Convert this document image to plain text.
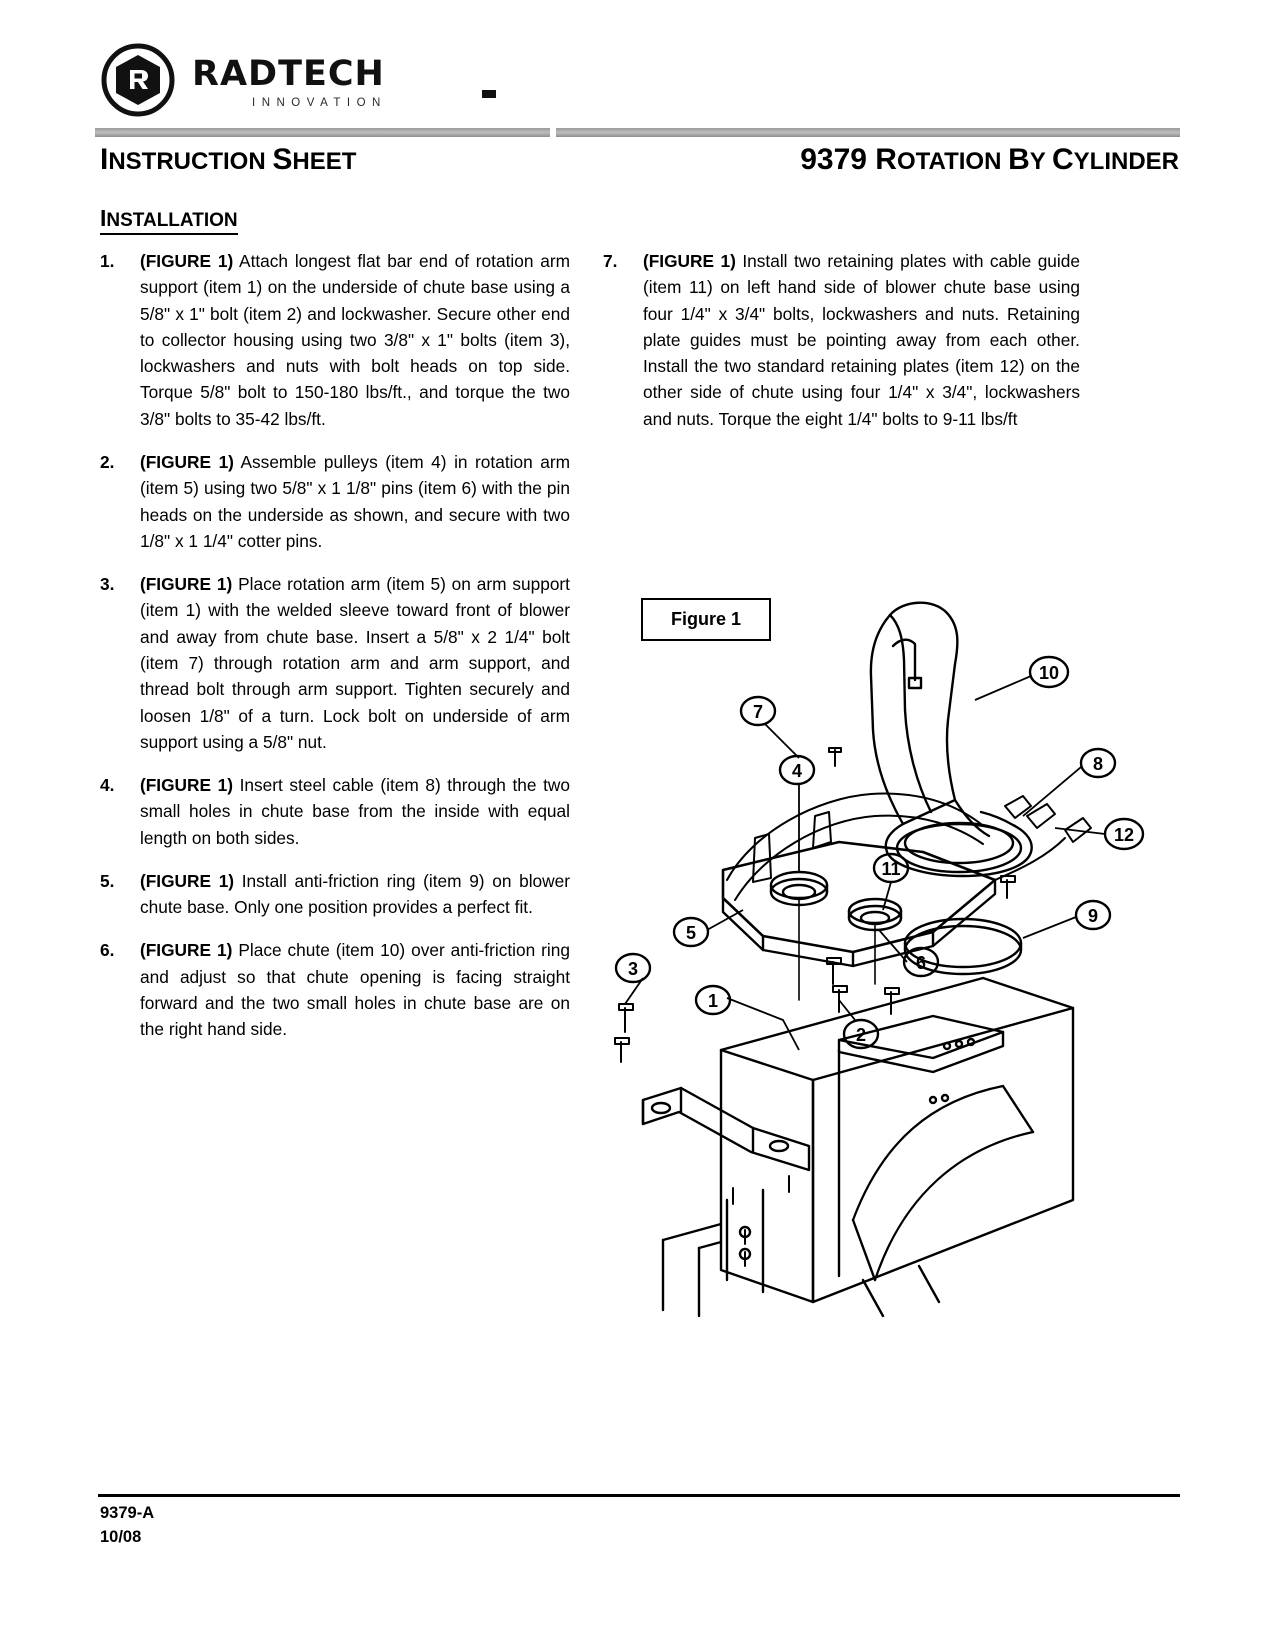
RADTECH
INNOVATION
INSTRUCTION SHEET	9379 ROTATION BY CYLINDER
INSTALLATION
1. (FIGURE 1) Attach longest flat bar end of rotation arm support (item 1) on the underside of chute base using a 5/8" x 1" bolt (item 2) and lockwasher. Secure other end to collector housing using two 3/8" x 1" bolts (item 3), lockwashers and nuts with bolt heads on top side. Torque 5/8" bolt to 150-180 lbs/ft., and torque the two 3/8" bolts to 35-42 lbs/ft.
2. (FIGURE 1) Assemble pulleys (item 4) in rotation arm (item 5) using two 5/8" x 1 1/8" pins (item 6) with the pin heads on the underside as shown, and secure with two 1/8" x 1 1/4" cotter pins.
3. (FIGURE 1) Place rotation arm (item 5) on arm support (item 1) with the welded sleeve toward front of blower and away from chute base. Insert a 5/8" x 2 1/4" bolt (item 7) through rotation arm and arm support, and thread bolt through arm support. Tighten securely and loosen 1/8" of a turn. Lock bolt on underside of arm support using a 5/8" nut.
4. (FIGURE 1) Insert steel cable (item 8) through the two small holes in chute base from the inside with equal length on both sides.
5. (FIGURE 1) Install anti-friction ring (item 9) on blower chute base. Only one position provides a perfect fit.
6. (FIGURE 1) Place chute (item 10) over anti-friction ring and adjust so that chute opening is facing straight forward and the two small holes in chute base are on the right hand side.
7. (FIGURE 1) Install two retaining plates with cable guide (item 11) on left hand side of blower chute base using four 1/4" x 3/4" bolts, lockwashers and nuts. Retaining plate guides must be pointing away from each other. Install the two standard retaining plates (item 12) on the other side of chute using four 1/4" x 3/4", lockwashers and nuts. Torque the eight 1/4" bolts to 9-11 lbs/ft
Figure 1
10
8
12
9
11
7
4
5
6
3
1
2
9379-A
10/08
